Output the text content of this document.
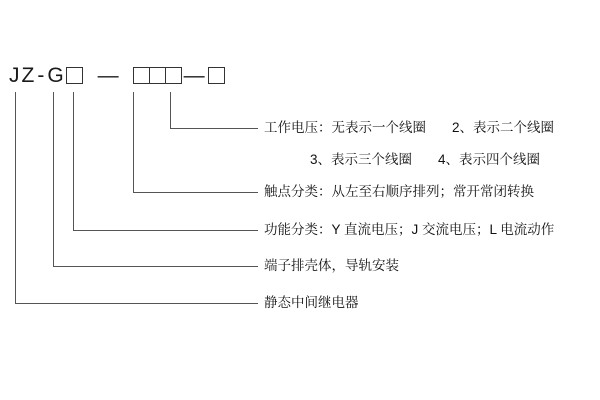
J Z - G —	—
工作电压：无表示一个线圈 2、表示二个线圈
3、表示三个线圈 4、表示四个线圈
触点分类：从左至右顺序排列；常开常闭转换
功能分类：Y 直流电压；J 交流电压；L 电流动作
端子排壳体，导轨安装
静态中间继电器
